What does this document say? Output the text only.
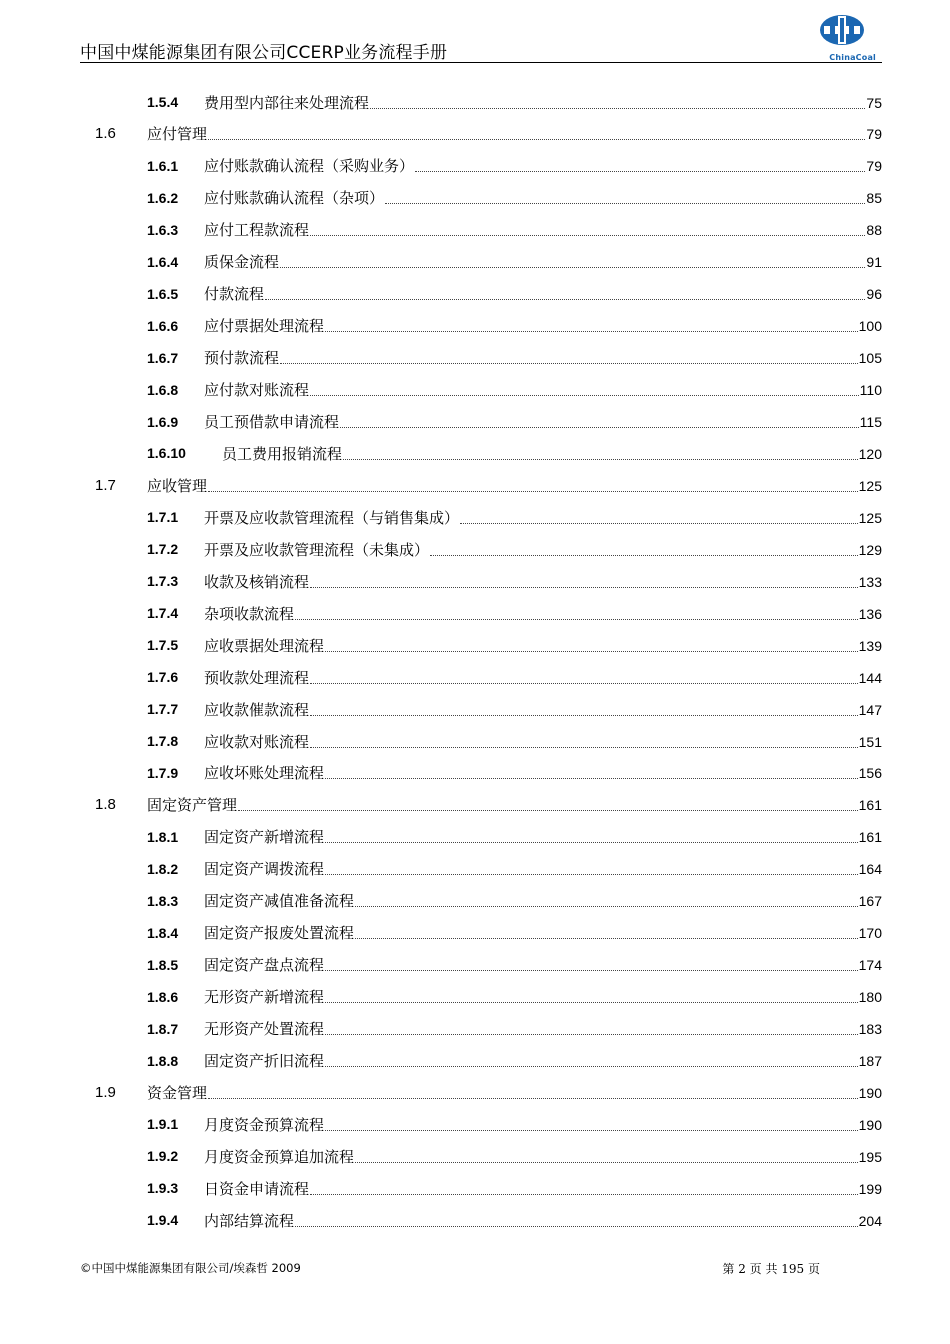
中国中煤能源集团有限公司CCERP业务流程手册	ChinaCoal
1.5.4 费用型内部往来处理流程	75
1.6 应付管理	79
1.6.1 应付账款确认流程（采购业务）	79
1.6.2 应付账款确认流程（杂项）	85
1.6.3 应付工程款流程	88
1.6.4 质保金流程	91
1.6.5 付款流程	96
1.6.6 应付票据处理流程	100
1.6.7 预付款流程	105
1.6.8 应付款对账流程	110
1.6.9 员工预借款申请流程	115
1.6.10 员工费用报销流程	120
1.7 应收管理	125
1.7.1 开票及应收款管理流程（与销售集成）	125
1.7.2 开票及应收款管理流程（未集成）	129
1.7.3 收款及核销流程	133
1.7.4 杂项收款流程	136
1.7.5 应收票据处理流程	139
1.7.6 预收款处理流程	144
1.7.7 应收款催款流程	147
1.7.8 应收款对账流程	151
1.7.9 应收坏账处理流程	156
1.8 固定资产管理	161
1.8.1 固定资产新增流程	161
1.8.2 固定资产调拨流程	164
1.8.3 固定资产减值准备流程	167
1.8.4 固定资产报废处置流程	170
1.8.5 固定资产盘点流程	174
1.8.6 无形资产新增流程	180
1.8.7 无形资产处置流程	183
1.8.8 固定资产折旧流程	187
1.9 资金管理	190
1.9.1 月度资金预算流程	190
1.9.2 月度资金预算追加流程	195
1.9.3 日资金申请流程	199
1.9.4 内部结算流程	204
©中国中煤能源集团有限公司/埃森哲 2009	第 2 页 共 195 页
